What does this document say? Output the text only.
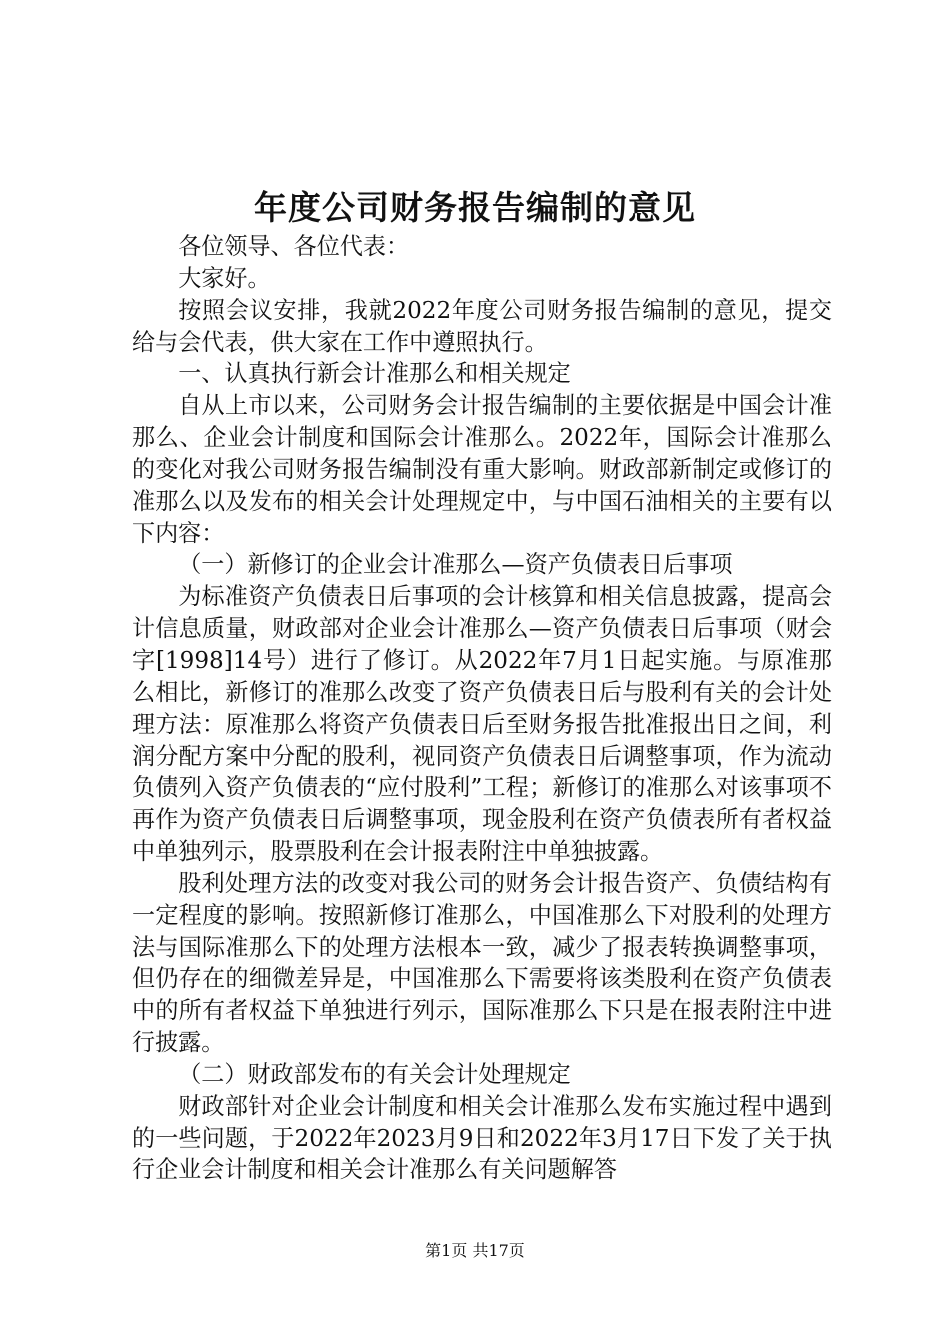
年度公司财务报告编制的意见

各位领导、各位代表：

大家好。

按照会议安排，我就2022年度公司财务报告编制的意见，提交给与会代表，供大家在工作中遵照执行。

一、认真执行新会计准那么和相关规定

自从上市以来，公司财务会计报告编制的主要依据是中国会计准那么、企业会计制度和国际会计准那么。2022年，国际会计准那么的变化对我公司财务报告编制没有重大影响。财政部新制定或修订的准那么以及发布的相关会计处理规定中，与中国石油相关的主要有以下内容：

（一）新修订的企业会计准那么—资产负债表日后事项

为标准资产负债表日后事项的会计核算和相关信息披露，提高会计信息质量，财政部对企业会计准那么—资产负债表日后事项（财会字[1998]14号）进行了修订。从2022年7月1日起实施。与原准那么相比，新修订的准那么改变了资产负债表日后与股利有关的会计处理方法：原准那么将资产负债表日后至财务报告批准报出日之间，利润分配方案中分配的股利，视同资产负债表日后调整事项，作为流动负债列入资产负债表的“应付股利”工程；新修订的准那么对该事项不再作为资产负债表日后调整事项，现金股利在资产负债表所有者权益中单独列示，股票股利在会计报表附注中单独披露。

股利处理方法的改变对我公司的财务会计报告资产、负债结构有一定程度的影响。按照新修订准那么，中国准那么下对股利的处理方法与国际准那么下的处理方法根本一致，减少了报表转换调整事项，但仍存在的细微差异是，中国准那么下需要将该类股利在资产负债表中的所有者权益下单独进行列示，国际准那么下只是在报表附注中进行披露。

（二）财政部发布的有关会计处理规定

财政部针对企业会计制度和相关会计准那么发布实施过程中遇到的一些问题，于2022年2023月9日和2022年3月17日下发了关于执行企业会计制度和相关会计准那么有关问题解答

第1页 共17页
